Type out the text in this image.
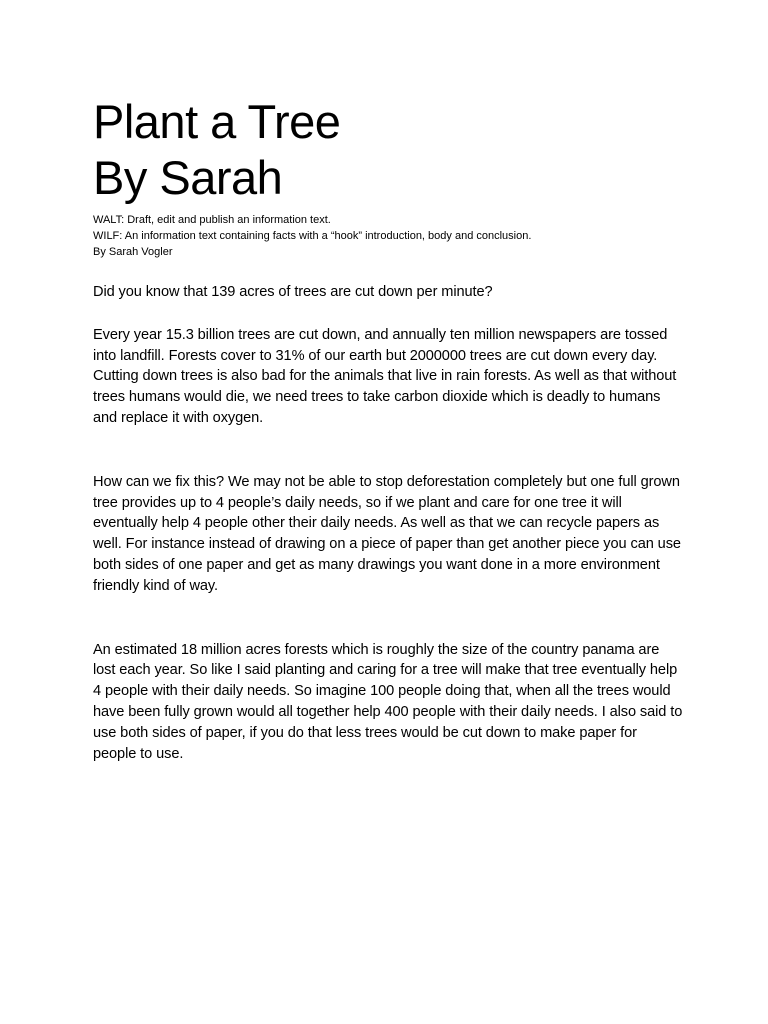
Plant a Tree
By Sarah
WALT: Draft, edit and publish an information text.
WILF: An information text containing facts with a “hook” introduction, body and conclusion.
By Sarah Vogler

Did you know that 139 acres of trees are cut down per minute?

Every year 15.3 billion trees are cut down, and annually ten million newspapers are tossed into landfill. Forests cover to 31% of our earth but 2000000 trees are cut down every day. Cutting down trees is also bad for the animals that live in rain forests. As well as that without trees humans would die, we need trees to take carbon dioxide which is deadly to humans and replace it with oxygen.

How can we fix this? We may not be able to stop deforestation completely but one full grown tree provides up to 4 people’s daily needs, so if we plant and care for one tree it will eventually help 4 people other their daily needs. As well as that we can recycle papers as well. For instance instead of drawing on a piece of paper than get another piece you can use both sides of one paper and get as many drawings you want done in a more environment friendly kind of way.

An estimated 18 million acres forests which is roughly the size of the country panama are lost each year. So like I said planting and caring for a tree will make that tree eventually help 4 people with their daily needs. So imagine 100 people doing that, when all the trees would have been fully grown would all together help 400 people with their daily needs. I also said to use both sides of paper, if you do that less trees would be cut down to make paper for people to use.
